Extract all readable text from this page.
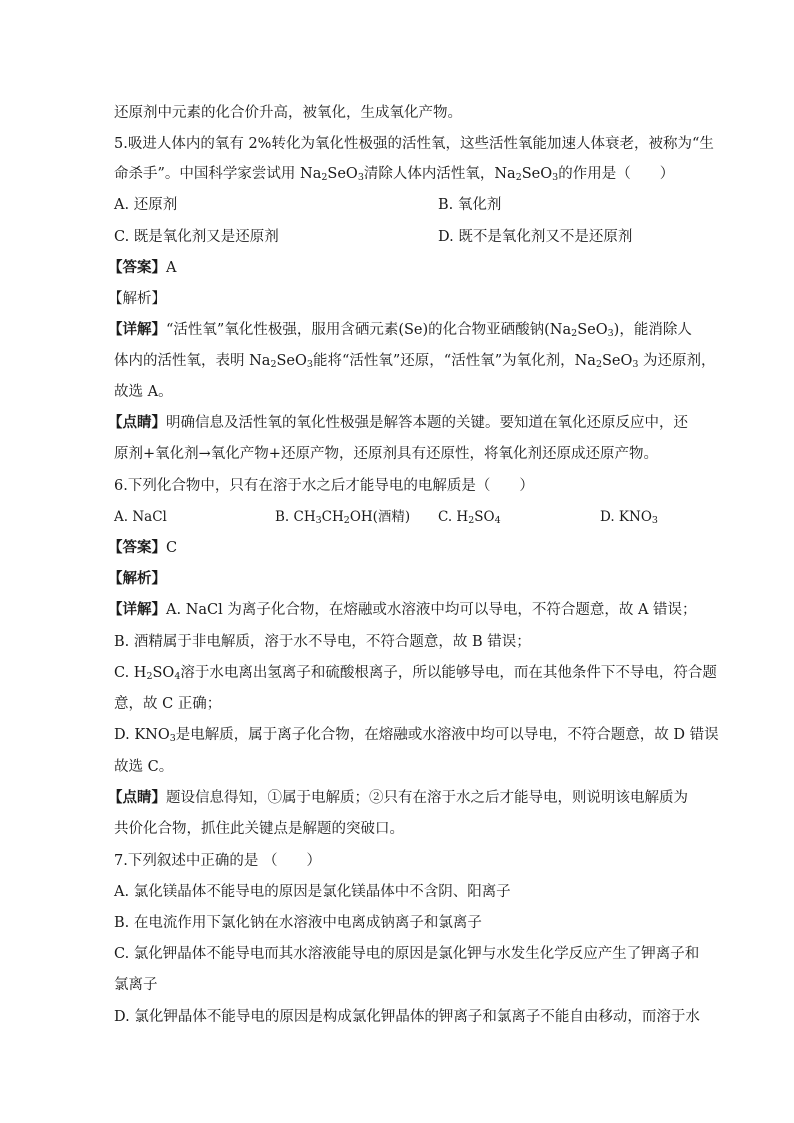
还原剂中元素的化合价升高，被氧化，生成氧化产物。
5.吸进人体内的氧有 2%转化为氧化性极强的活性氧，这些活性氧能加速人体衰老，被称为“生
命杀手”。中国科学家尝试用 $Na_2SeO_3$清除人体内活性氧，$Na_2SeO_3$的作用是（　　）
A. 还原剂	B. 氧化剂
C. 既是氧化剂又是还原剂	D. 既不是氧化剂又不是还原剂
【答案】A
【解析】
【详解】“活性氧”氧化性极强，服用含硒元素(Se)的化合物亚硒酸钠$(Na_2SeO_3)$，能消除人
体内的活性氧，表明 $Na_2SeO_3$能将“活性氧”还原，“活性氧”为氧化剂，$Na_2SeO_3$ 为还原剂，
故选 A。
【点睛】明确信息及活性氧的氧化性极强是解答本题的关键。要知道在氧化还原反应中，还
原剂+氧化剂→氧化产物+还原产物，还原剂具有还原性，将氧化剂还原成还原产物。
6.下列化合物中，只有在溶于水之后才能导电的电解质是（　　）
A. NaCl	B. $CH_3CH_2OH$(酒精) C. $H_2SO_4$	D. $KNO_3$
【答案】C
【解析】
【详解】A. NaCl 为离子化合物，在熔融或水溶液中均可以导电，不符合题意，故 A 错误；
B. 酒精属于非电解质，溶于水不导电，不符合题意，故 B 错误；
C. $H_2SO_4$溶于水电离出氢离子和硫酸根离子，所以能够导电，而在其他条件下不导电，符合题
意，故 C 正确；
D. $KNO_3$是电解质，属于离子化合物，在熔融或水溶液中均可以导电，不符合题意，故 D 错误
故选 C。
【点睛】题设信息得知，①属于电解质；②只有在溶于水之后才能导电，则说明该电解质为
共价化合物，抓住此关键点是解题的突破口。
7.下列叙述中正确的是 （　　）
A. 氯化镁晶体不能导电的原因是氯化镁晶体中不含阴、阳离子
B. 在电流作用下氯化钠在水溶液中电离成钠离子和氯离子
C. 氯化钾晶体不能导电而其水溶液能导电的原因是氯化钾与水发生化学反应产生了钾离子和
氯离子
D. 氯化钾晶体不能导电的原因是构成氯化钾晶体的钾离子和氯离子不能自由移动，而溶于水
